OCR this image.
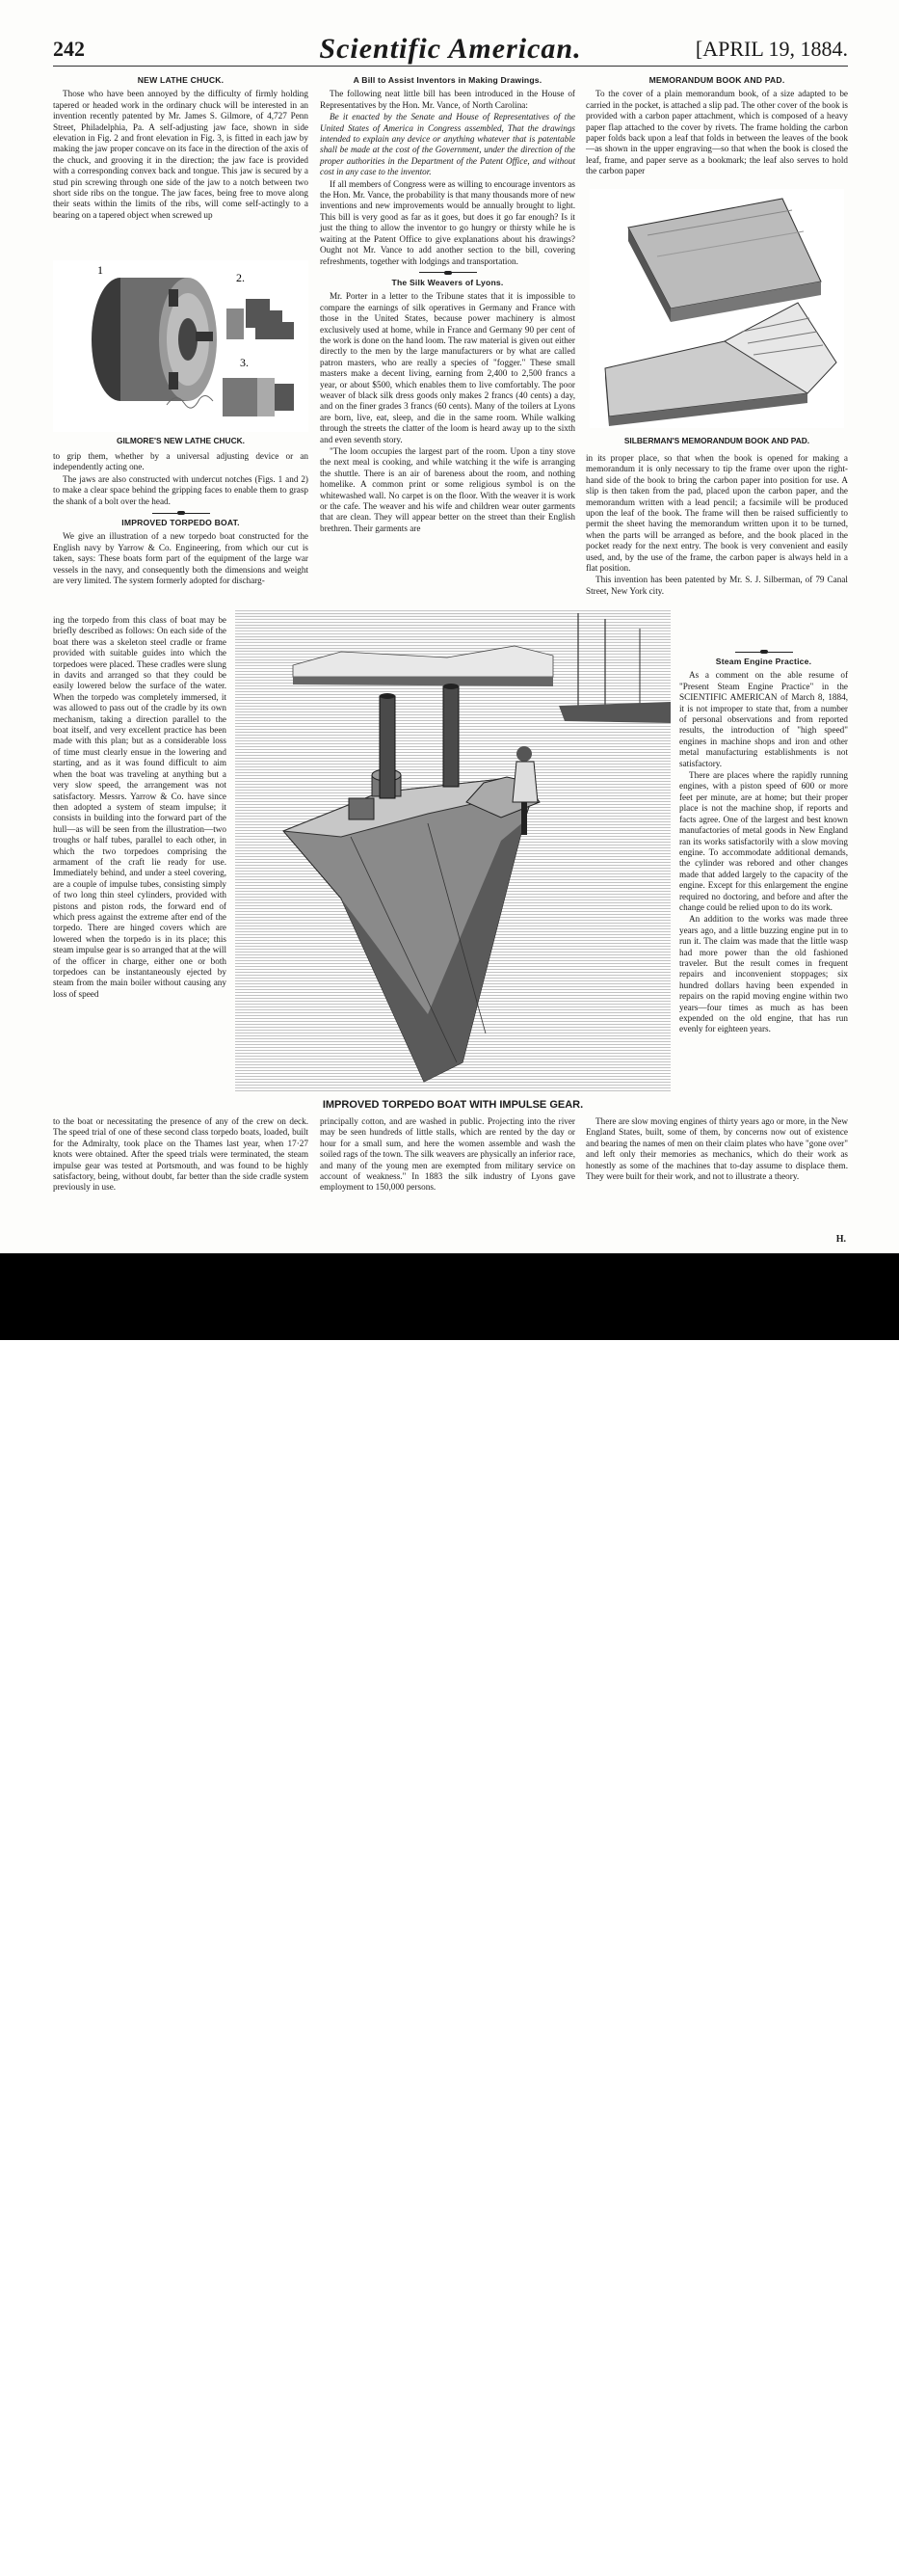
242	Scientific American.	[APRIL 19, 1884.
NEW LATHE CHUCK.

Those who have been annoyed by the difficulty of firmly holding tapered or headed work in the ordinary chuck will be interested in an invention recently patented by Mr. James S. Gilmore, of 4,727 Penn Street, Philadelphia, Pa. A self-adjusting jaw face, shown in side elevation in Fig. 2 and front elevation in Fig. 3, is fitted in each jaw by making the jaw proper concave on its face in the direction of the axis of the chuck, and grooving it in the direction; the jaw face is provided with a corresponding convex back and tongue. This jaw is secured by a stud pin screwing through one side of the jaw to a notch between two short side ribs on the tongue. The jaw faces, being free to move along their seats within the limits of the ribs, will come self-actingly to a bearing on a tapered object when screwed up

1
2.
3.
GILMORE'S NEW LATHE CHUCK.

to grip them, whether by a universal adjusting device or an independently acting one.

The jaws are also constructed with undercut notches (Figs. 1 and 2) to make a clear space behind the gripping faces to enable them to grasp the shank of a bolt over the head.

IMPROVED TORPEDO BOAT.

We give an illustration of a new torpedo boat constructed for the English navy by Yarrow & Co. Engineering, from which our cut is taken, says: These boats form part of the equipment of the large war vessels in the navy, and consequently both the dimensions and weight are very limited. The system formerly adopted for discharg-

ing the torpedo from this class of boat may be briefly described as follows: On each side of the boat there was a skeleton steel cradle or frame provided with suitable guides into which the torpedoes were placed. These cradles were slung in davits and arranged so that they could be easily lowered below the surface of the water. When the torpedo was completely immersed, it was allowed to pass out of the cradle by its own mechanism, taking a direction parallel to the boat itself, and very excellent practice has been made with this plan; but as a considerable loss of time must clearly ensue in the lowering and starting, and as it was found difficult to aim when the boat was traveling at anything but a very slow speed, the arrangement was not satisfactory. Messrs. Yarrow & Co. have since then adopted a system of steam impulse; it consists in building into the forward part of the hull—as will be seen from the illustration—two troughs or half tubes, parallel to each other, in which the two torpedoes comprising the armament of the craft lie ready for use. Immediately behind, and under a steel covering, are a couple of impulse tubes, consisting simply of two long thin steel cylinders, provided with pistons and piston rods, the forward end of which press against the extreme after end of the torpedo. There are hinged covers which are lowered when the torpedo is in its place; this steam impulse gear is so arranged that at the will of the officer in charge, either one or both torpedoes can be instantaneously ejected by steam from the main boiler without causing any loss of speed

A Bill to Assist Inventors in Making Drawings.

The following neat little bill has been introduced in the House of Representatives by the Hon. Mr. Vance, of North Carolina:

Be it enacted by the Senate and House of Representatives of the United States of America in Congress assembled, That the drawings intended to explain any device or anything whatever that is patentable shall be made at the cost of the Government, under the direction of the proper authorities in the Department of the Patent Office, and without cost in any case to the inventor.

If all members of Congress were as willing to encourage inventors as the Hon. Mr. Vance, the probability is that many thousands more of new inventions and new improvements would be annually brought to light. This bill is very good as far as it goes, but does it go far enough? Is it just the thing to allow the inventor to go hungry or thirsty while he is waiting at the Patent Office to give explanations about his drawings? Ought not Mr. Vance to add another section to the bill, covering refreshments, together with lodgings and transportation.

The Silk Weavers of Lyons.

Mr. Porter in a letter to the Tribune states that it is impossible to compare the earnings of silk operatives in Germany and France with those in the United States, because power machinery is almost exclusively used at home, while in France and Germany 90 per cent of the work is done on the hand loom. The raw material is given out either directly to the men by the large manufacturers or by what are called patron masters, who are really a species of "fogger." These small masters make a decent living, earning from 2,400 to 2,500 francs a year, or about $500, which enables them to live comfortably. The poor weaver of black silk dress goods only makes 2 francs (40 cents) a day, and on the finer grades 3 francs (60 cents). Many of the toilers at Lyons are born, live, eat, sleep, and die in the same room. While walking through the streets the clatter of the loom is heard away up to the sixth and even seventh story.

"The loom occupies the largest part of the room. Upon a tiny stove the next meal is cooking, and while watching it the wife is arranging the shuttle. There is an air of bareness about the room, and nothing homelike. A common print or some religious symbol is on the whitewashed wall. No carpet is on the floor. With the weaver it is work or the cafe. The weaver and his wife and children wear outer garments that are clean. They will appear better on the street than their English brethren. Their garments are

MEMORANDUM BOOK AND PAD.

To the cover of a plain memorandum book, of a size adapted to be carried in the pocket, is attached a slip pad. The other cover of the book is provided with a carbon paper attachment, which is composed of a heavy paper flap attached to the cover by rivets. The frame holding the carbon paper folds back upon a leaf that folds in between the leaves of the book—as shown in the upper engraving—so that when the book is closed the leaf, frame, and paper serve as a bookmark; the leaf also serves to hold the carbon paper

SILBERMAN'S MEMORANDUM BOOK AND PAD.

in its proper place, so that when the book is opened for making a memorandum it is only necessary to tip the frame over upon the right-hand side of the book to bring the carbon paper into position for use. A slip is then taken from the pad, placed upon the carbon paper, and the memorandum written with a lead pencil; a facsimile will be produced upon the leaf of the book. The frame will then be raised sufficiently to permit the sheet having the memorandum written upon it to be turned, when the parts will be arranged as before, and the book placed in the pocket ready for the next entry. The book is very convenient and easily used, and, by the use of the frame, the carbon paper is always held in a flat position.

This invention has been patented by Mr. S. J. Silberman, of 79 Canal Street, New York city.

Steam Engine Practice.

As a comment on the able resume of "Present Steam Engine Practice" in the SCIENTIFIC AMERICAN of March 8, 1884, it is not improper to state that, from a number of personal observations and from reported results, the introduction of "high speed" engines in machine shops and iron and other metal manufacturing establishments is not satisfactory.

There are places where the rapidly running engines, with a piston speed of 600 or more feet per minute, are at home; but their proper place is not the machine shop, if reports and facts agree. One of the largest and best known manufactories of metal goods in New England ran its works satisfactorily with a slow moving engine. To accommodate additional demands, the cylinder was rebored and other changes made that added largely to the capacity of the engine. Except for this enlargement the engine required no doctoring, and before and after the change could be relied upon to do its work.

An addition to the works was made three years ago, and a little buzzing engine put in to run it. The claim was made that the little wasp had more power than the old fashioned traveler. But the result comes in frequent repairs and inconvenient stoppages; six hundred dollars having been expended in repairs on the rapid moving engine within two years—four times as much as has been expended on the old engine, that has run evenly for eighteen years.

IMPROVED TORPEDO BOAT WITH IMPULSE GEAR.

to the boat or necessitating the presence of any of the crew on deck. The speed trial of one of these second class torpedo boats, loaded, built for the Admiralty, took place on the Thames last year, when 17·27 knots were obtained. After the speed trials were terminated, the steam impulse gear was tested at Portsmouth, and was found to be highly satisfactory, being, without doubt, far better than the side cradle system previously in use.

principally cotton, and are washed in public. Projecting into the river may be seen hundreds of little stalls, which are rented by the day or hour for a small sum, and here the women assemble and wash the soiled rags of the town. The silk weavers are physically an inferior race, and many of the young men are exempted from military service on account of weakness." In 1883 the silk industry of Lyons gave employment to 150,000 persons.

There are slow moving engines of thirty years ago or more, in the New England States, built, some of them, by concerns now out of existence and bearing the names of men on their claim plates who have "gone over" and left only their memories as mechanics, which do their work as honestly as some of the machines that to-day assume to displace them. They were built for their work, and not to illustrate a theory.

H.
alamy	2ABWX2W
www.alamy.com
